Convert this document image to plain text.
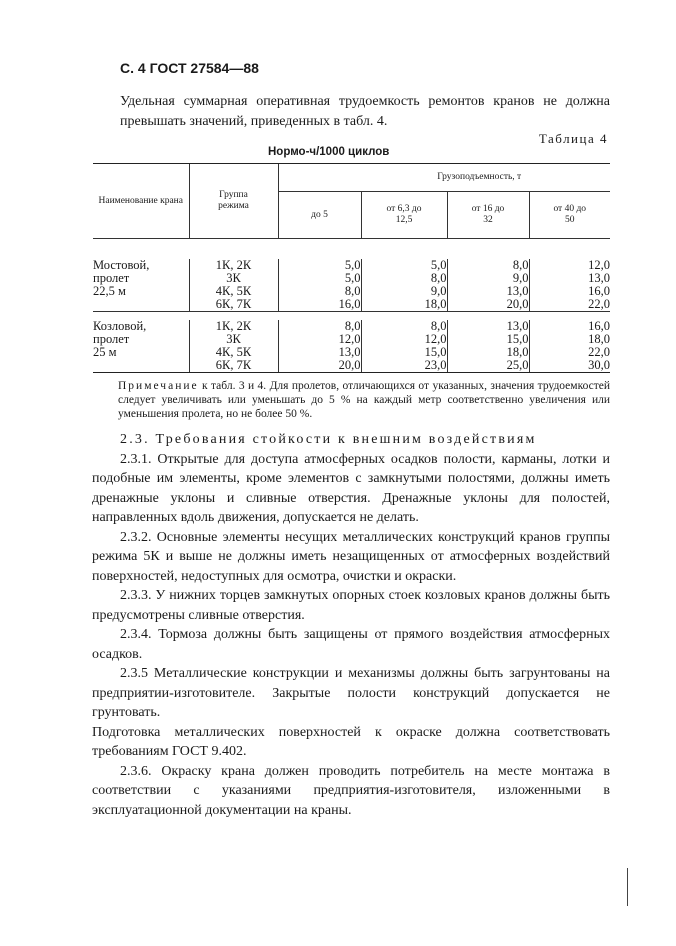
С. 4 ГОСТ 27584—88

Удельная суммарная оперативная трудоемкость ремонтов кранов не должна превышать значений, приведенных в табл. 4.

Таблица 4
Нормо-ч/1000 циклов
Наименование крана	Группа режима	Грузоподъемность, т			
		до 5	от 6,3 до 12,5	от 16 до 32	от 40 до 50

Мостовой,	1К, 2К	5,0	5,0	8,0	12,0
пролет	3К	5,0	8,0	9,0	13,0
22,5 м	4К, 5К	8,0	9,0	13,0	16,0
	6К, 7К	16,0	18,0	20,0	22,0

Козловой,	1К, 2К	8,0	8,0	13,0	16,0
пролет	3К	12,0	12,0	15,0	18,0
25 м	4К, 5К	13,0	15,0	18,0	22,0
	6К, 7К	20,0	23,0	25,0	30,0
Примечание к табл. 3 и 4. Для пролетов, отличающихся от указанных, значения трудоемкостей следует увеличивать или уменьшать до 5 % на каждый метр соответственно увеличения или уменьшения пролета, но не более 50 %.

2.3. Требования стойкости к внешним воздействиям

2.3.1. Открытые для доступа атмосферных осадков полости, карманы, лотки и подобные им элементы, кроме элементов с замкнутыми полостями, должны иметь дренажные уклоны и сливные отверстия. Дренажные уклоны для полостей, направленных вдоль движения, допускается не делать.

2.3.2. Основные элементы несущих металлических конструкций кранов группы режима 5К и выше не должны иметь незащищенных от атмосферных воздействий поверхностей, недоступных для осмотра, очистки и окраски.

2.3.3. У нижних торцев замкнутых опорных стоек козловых кранов должны быть предусмотрены сливные отверстия.

2.3.4. Тормоза должны быть защищены от прямого воздействия атмосферных осадков.

2.3.5 Металлические конструкции и механизмы должны быть загрунтованы на предприятии-изготовителе. Закрытые полости конструкций допускается не грунтовать.

Подготовка металлических поверхностей к окраске должна соответствовать требованиям ГОСТ 9.402.

2.3.6. Окраску крана должен проводить потребитель на месте монтажа в соответствии с указаниями предприятия-изготовителя, изложенными в эксплуатационной документации на краны.
